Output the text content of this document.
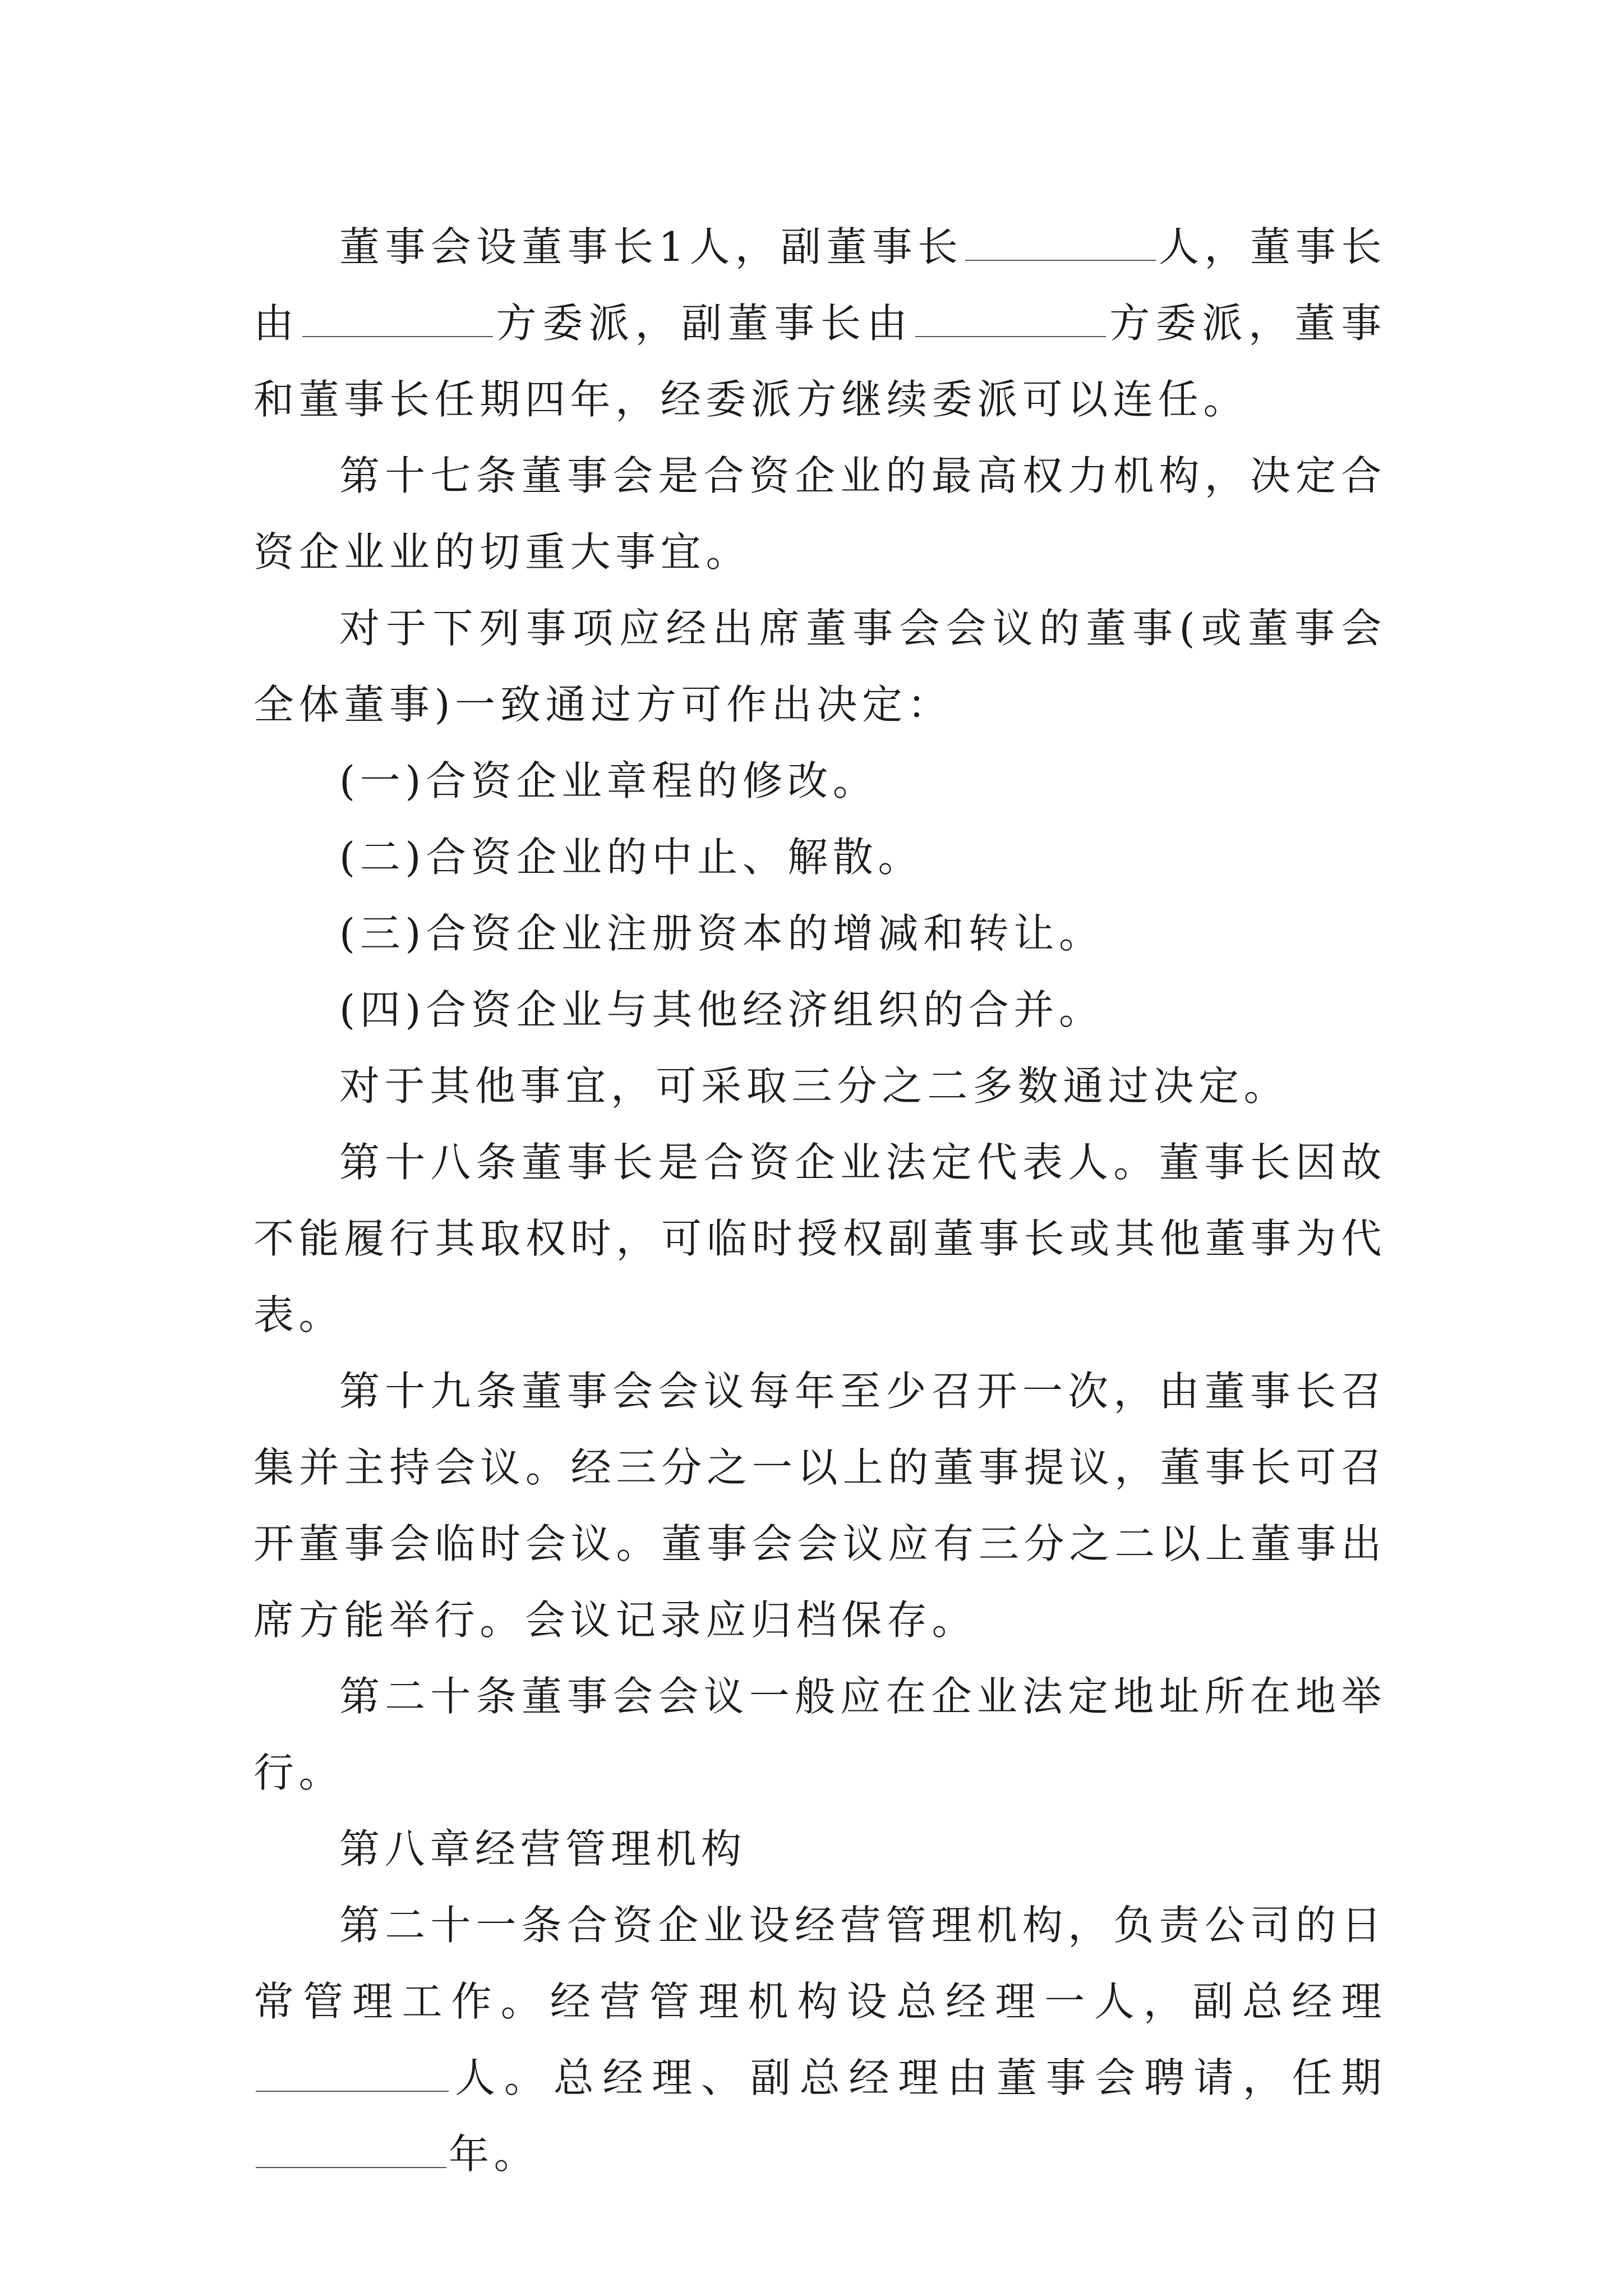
董事会设董事长1人，副董事长	人，董事长由	方委派，副董事长由	方委派，董事和董事长任期四年，经委派方继续委派可以连任。

第十七条董事会是合资企业的最高权力机构，决定合资企业业的切重大事宜。

对于下列事项应经出席董事会会议的董事(或董事会全体董事)一致通过方可作出决定：

(一)合资企业章程的修改。

(二)合资企业的中止、解散。

(三)合资企业注册资本的增减和转让。

(四)合资企业与其他经济组织的合并。

对于其他事宜，可采取三分之二多数通过决定。

第十八条董事长是合资企业法定代表人。董事长因故不能履行其取权时，可临时授权副董事长或其他董事为代表。

第十九条董事会会议每年至少召开一次，由董事长召集并主持会议。经三分之一以上的董事提议，董事长可召开董事会临时会议。董事会会议应有三分之二以上董事出席方能举行。会议记录应归档保存。

第二十条董事会会议一般应在企业法定地址所在地举行。

第八章经营管理机构

第二十一条合资企业设经营管理机构，负责公司的日常管理工作。经营管理机构设总经理一人，副总经理人。总经理、副总经理由董事会聘请，任期年。
